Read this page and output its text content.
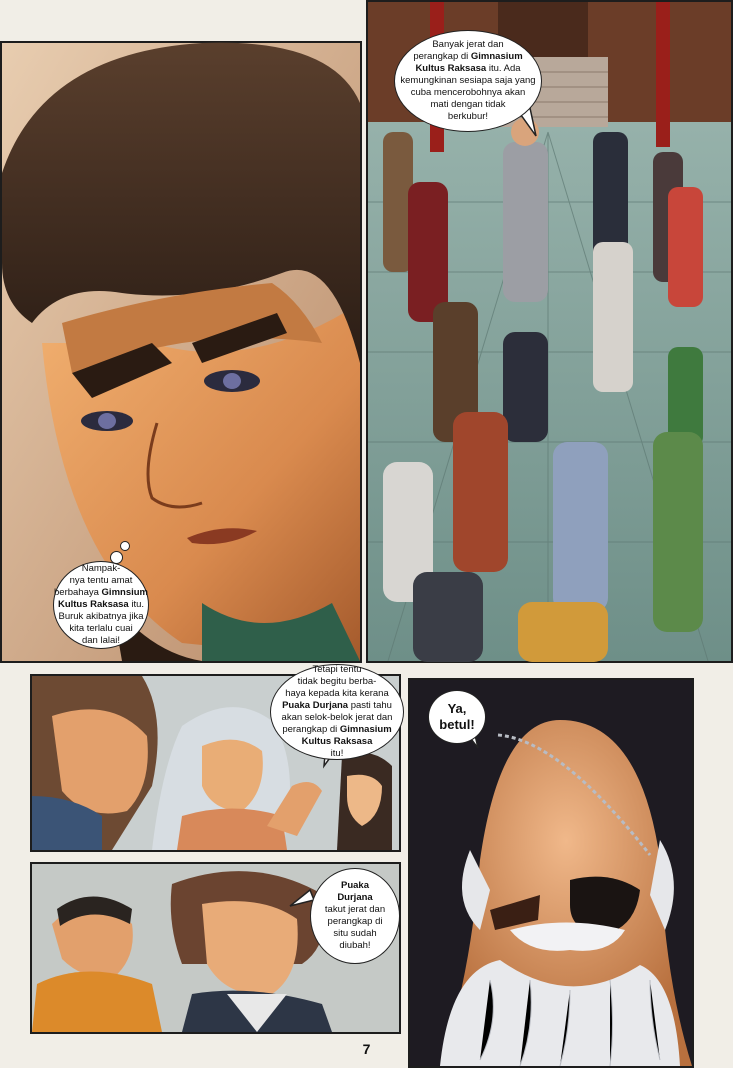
Nampak-
nya tentu amat
berbahaya Gimnsium
Kultus Raksasa itu.
Buruk akibatnya jika
kita terlalu cuai
dan lalai!
Banyak jerat dan
perangkap di Gimnasium
Kultus Raksasa itu. Ada
kemungkinan sesiapa saja yang
cuba mencerobohnya akan
mati dengan tidak
berkubur!
Tetapi tentu
tidak begitu berba-
haya kepada kita kerana
Puaka Durjana pasti tahu
akan selok-belok jerat dan
perangkap di Gimnasium
Kultus Raksasa
itu!
Puaka
Durjana
takut jerat dan
perangkap di
situ sudah
diubah!
Ya,
betul!
7
